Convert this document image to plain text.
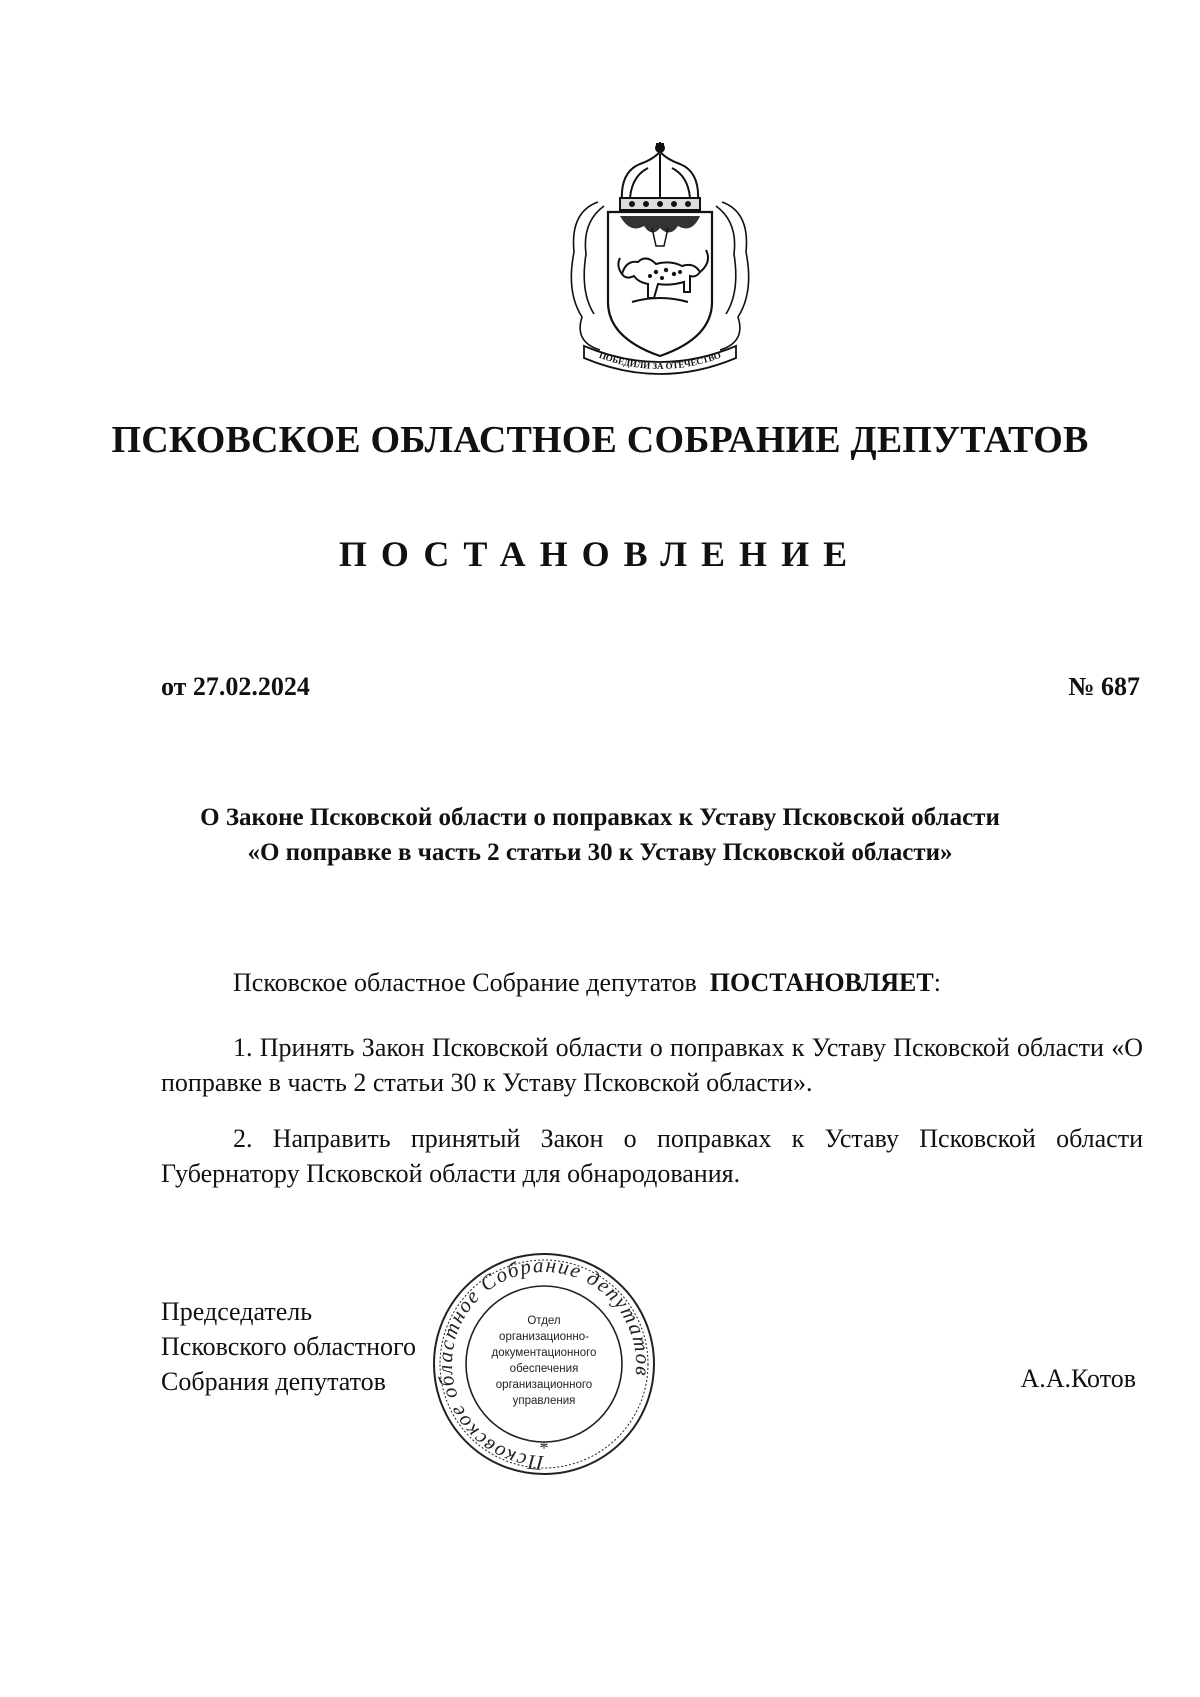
ПОБЕДИЛИ ЗА ОТЕЧЕСТВО
ПСКОВСКОЕ ОБЛАСТНОЕ СОБРАНИЕ ДЕПУТАТОВ
ПОСТАНОВЛЕНИЕ
от 27.02.2024	№ 687
О Законе Псковской области о поправках к Уставу Псковской области
«О поправке в часть 2 статьи 30 к Уставу Псковской области»
Псковское областное Собрание депутатов ПОСТАНОВЛЯЕТ:
1. Принять Закон Псковской области о поправках к Уставу Псковской области «О поправке в часть 2 статьи 30 к Уставу Псковской области».
2. Направить принятый Закон о поправках к Уставу Псковской области Губернатору Псковской области для обнародования.
Председатель
Псковского областного
Собрания депутатов
Псковское областное Собрание депутатов
Отдел
организационно-
документационного
обеспечения
организационного
управления
*
А.А.Котов
